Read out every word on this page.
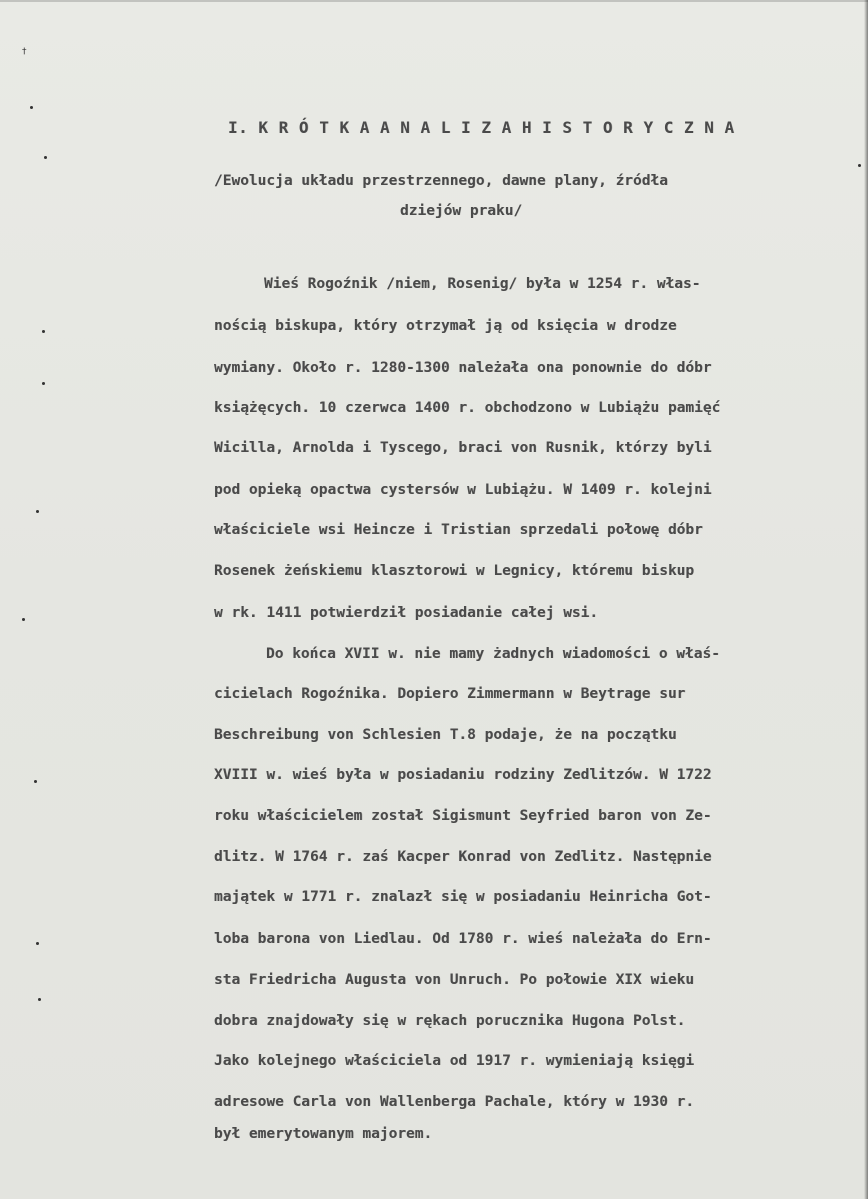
†
I. K R Ó T K A A N A L I Z A H I S T O R Y C Z N A
/Ewolucja układu przestrzennego, dawne plany, źródła
dziejów praku/
Wieś Rogoźnik /niem, Rosenig/ była w 1254 r. włas-
nością biskupa, który otrzymał ją od księcia w drodze
wymiany. Około r. 1280-1300 należała ona ponownie do dóbr
książęcych. 10 czerwca 1400 r. obchodzono w Lubiążu pamięć
Wicilla, Arnolda i Tyscego, braci von Rusnik, którzy byli
pod opieką opactwa cystersów w Lubiążu. W 1409 r. kolejni
właściciele wsi Heincze i Tristian sprzedali połowę dóbr
Rosenek żeńskiemu klasztorowi w Legnicy, któremu biskup
w rk. 1411 potwierdził posiadanie całej wsi.
Do końca XVII w. nie mamy żadnych wiadomości o właś-
cicielach Rogoźnika. Dopiero Zimmermann w Beytrage sur
Beschreibung von Schlesien T.8 podaje, że na początku
XVIII w. wieś była w posiadaniu rodziny Zedlitzów. W 1722
roku właścicielem został Sigismunt Seyfried baron von Ze-
dlitz. W 1764 r. zaś Kacper Konrad von Zedlitz. Następnie
majątek w 1771 r. znalazł się w posiadaniu Heinricha Got-
loba barona von Liedlau. Od 1780 r. wieś należała do Ern-
sta Friedricha Augusta von Unruch. Po połowie XIX wieku
dobra znajdowały się w rękach porucznika Hugona Polst.
Jako kolejnego właściciela od 1917 r. wymieniają księgi
adresowe Carla von Wallenberga Pachale, który w 1930 r.
był emerytowanym majorem.
